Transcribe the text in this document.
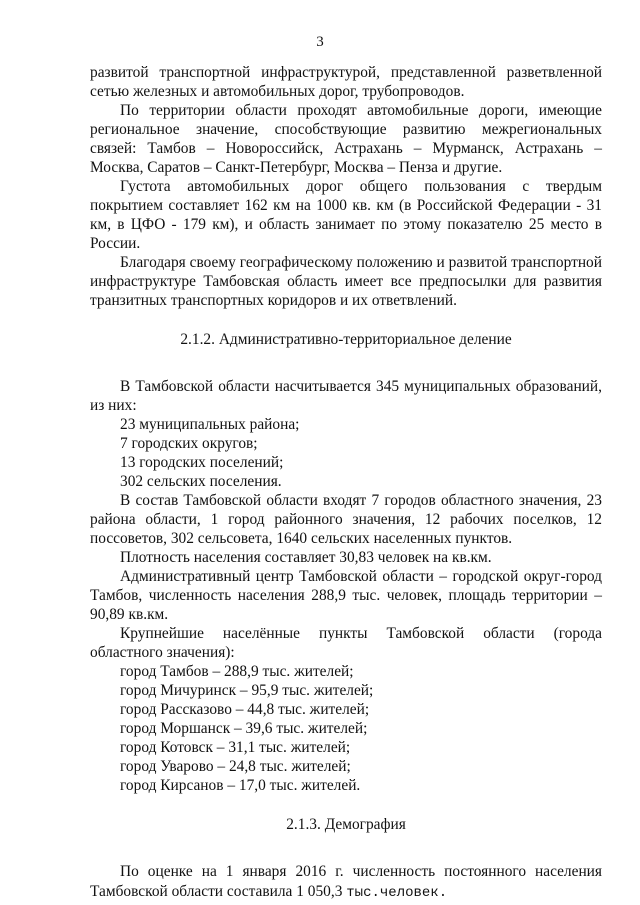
3

развитой транспортной инфраструктурой, представленной разветвленной сетью железных и автомобильных дорог, трубопроводов.

По территории области проходят автомобильные дороги, имеющие региональное значение, способствующие развитию межрегиональных связей: Тамбов – Новороссийск, Астрахань – Мурманск, Астрахань – Москва, Саратов – Санкт-Петербург, Москва – Пенза и другие.

Густота автомобильных дорог общего пользования с твердым покрытием составляет 162 км на 1000 кв. км (в Российской Федерации - 31 км, в ЦФО - 179 км), и область занимает по этому показателю 25 место в России.

Благодаря своему географическому положению и развитой транспортной инфраструктуре Тамбовская область имеет все предпосылки для развития транзитных транспортных коридоров и их ответвлений.

2.1.2. Административно-территориальное деление

В Тамбовской области насчитывается 345 муниципальных образований, из них:

23 муниципальных района;

7 городских округов;

13 городских поселений;

302 сельских поселения.

В состав Тамбовской области входят 7 городов областного значения, 23 района области, 1 город районного значения, 12 рабочих поселков, 12 поссоветов, 302 сельсовета, 1640 сельских населенных пунктов.

Плотность населения составляет 30,83 человек на кв.км.

Административный центр Тамбовской области – городской округ-город Тамбов, численность населения 288,9 тыс. человек, площадь территории – 90,89 кв.км.

Крупнейшие населённые пункты Тамбовской области (города областного значения):

город Тамбов – 288,9 тыс. жителей;

город Мичуринск – 95,9 тыс. жителей;

город Рассказово – 44,8 тыс. жителей;

город Моршанск – 39,6 тыс. жителей;

город Котовск – 31,1 тыс. жителей;

город Уварово – 24,8 тыс. жителей;

город Кирсанов – 17,0 тыс. жителей.

2.1.3. Демография

По оценке на 1 января 2016 г. численность постоянного населения Тамбовской области составила 1 050,3 тыс.человек.
